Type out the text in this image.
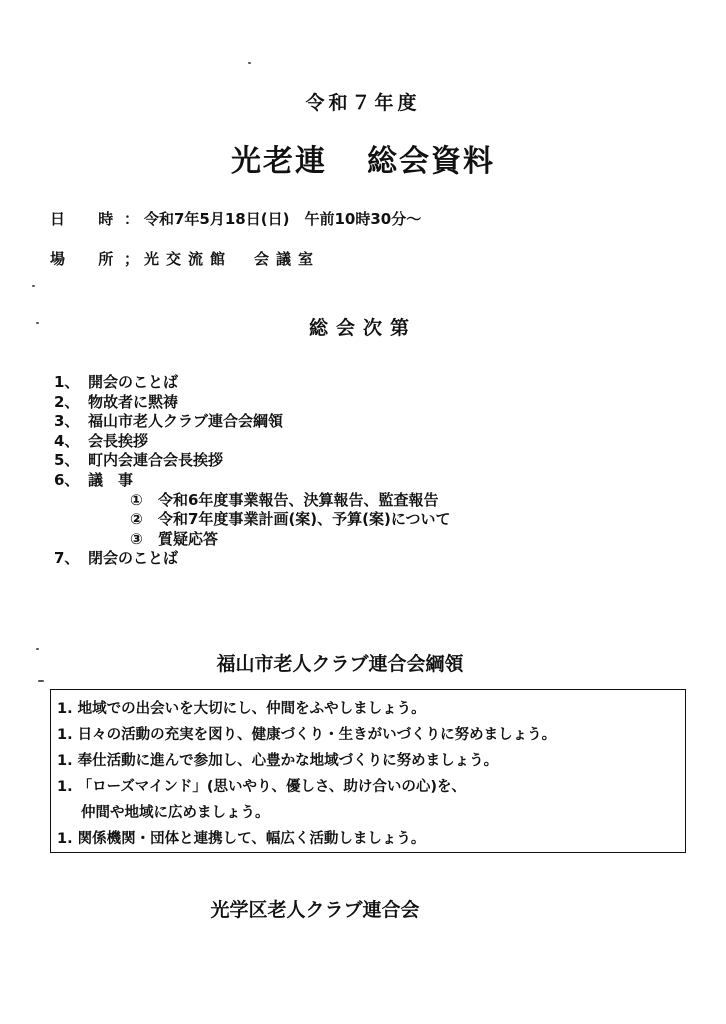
令和７年度
光老連 総会資料
日 時： 令和7年5月18日(日)　午前10時30分～
場 所； 光交流館　会議室
総会次第
1、 開会のことば
2、 物故者に黙祷
3、 福山市老人クラブ連合会綱領
4、 会長挨拶
5、 町内会連合会長挨拶
6、 議　事
① 令和6年度事業報告、決算報告、監査報告
② 令和7年度事業計画(案)、予算(案)について
③ 質疑応答
7、 閉会のことば
福山市老人クラブ連合会綱領
1. 地域での出会いを大切にし、仲間をふやしましょう。
1. 日々の活動の充実を図り、健康づくり・生きがいづくりに努めましょう。
1. 奉仕活動に進んで参加し、心豊かな地域づくりに努めましょう。
1. 「ローズマインド」(思いやり、優しさ、助け合いの心)を、
仲間や地域に広めましょう。
1. 関係機関・団体と連携して、幅広く活動しましょう。
光学区老人クラブ連合会
